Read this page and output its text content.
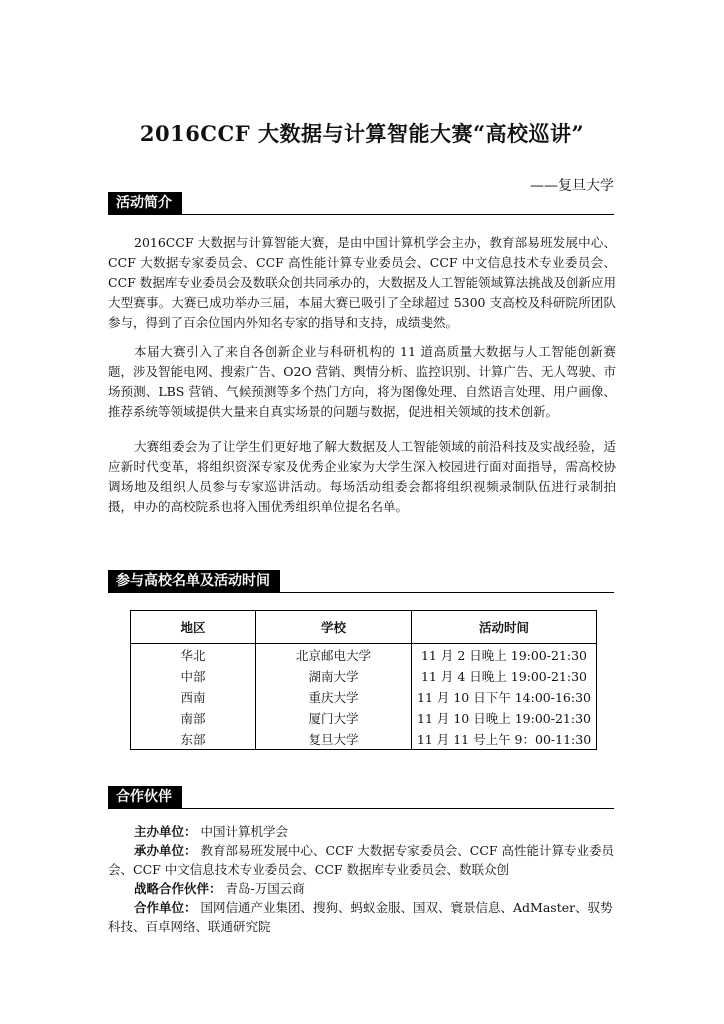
2016CCF 大数据与计算智能大赛“高校巡讲”
——复旦大学
活动简介

2016CCF 大数据与计算智能大赛，是由中国计算机学会主办，教育部易班发展中心、CCF 大数据专家委员会、CCF 高性能计算专业委员会、CCF 中文信息技术专业委员会、CCF 数据库专业委员会及数联众创共同承办的，大数据及人工智能领域算法挑战及创新应用大型赛事。大赛已成功举办三届，本届大赛已吸引了全球超过 5300 支高校及科研院所团队参与，得到了百余位国内外知名专家的指导和支持，成绩斐然。

本届大赛引入了来自各创新企业与科研机构的 11 道高质量大数据与人工智能创新赛题，涉及智能电网、搜索广告、O2O 营销、舆情分析、监控识别、计算广告、无人驾驶、市场预测、LBS 营销、气候预测等多个热门方向，将为图像处理、自然语言处理、用户画像、推荐系统等领域提供大量来自真实场景的问题与数据，促进相关领域的技术创新。

大赛组委会为了让学生们更好地了解大数据及人工智能领域的前沿科技及实战经验，适应新时代变革，将组织资深专家及优秀企业家为大学生深入校园进行面对面指导，需高校协调场地及组织人员参与专家巡讲活动。每场活动组委会都将组织视频录制队伍进行录制拍摄，申办的高校院系也将入围优秀组织单位提名名单。

参与高校名单及活动时间
地区	学校	活动时间
华北	北京邮电大学	11 月 2 日晚上 19:00-21:30
中部	湖南大学	11 月 4 日晚上 19:00-21:30
西南	重庆大学	11 月 10 日下午 14:00-16:30
南部	厦门大学	11 月 10 日晚上 19:00-21:30
东部	复旦大学	11 月 11 号上午 9：00-11:30
合作伙伴
主办单位： 中国计算机学会
承办单位： 教育部易班发展中心、CCF 大数据专家委员会、CCF 高性能计算专业委员会、CCF 中文信息技术专业委员会、CCF 数据库专业委员会、数联众创
战略合作伙伴： 青岛-万国云商
合作单位： 国网信通产业集团、搜狗、蚂蚁金服、国双、寰景信息、AdMaster、驭势科技、百卓网络、联通研究院
